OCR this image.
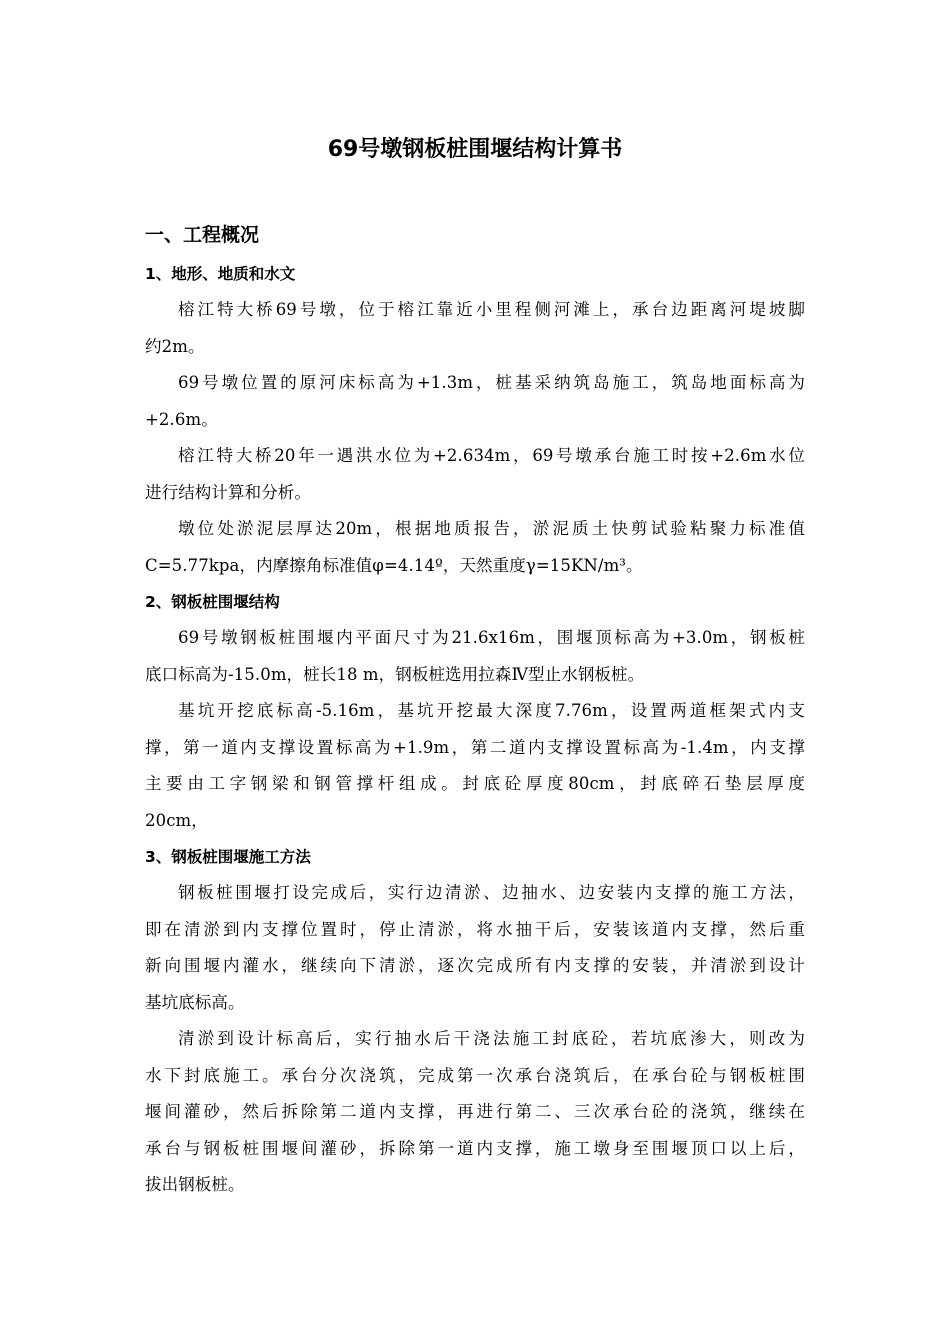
69号墩钢板桩围堰结构计算书
一、工程概况
1、地形、地质和水文

榕江特大桥69号墩，位于榕江靠近小里程侧河滩上，承台边距离河堤坡脚
约2m。

69号墩位置的原河床标高为+1.3m，桩基采纳筑岛施工，筑岛地面标高为
+2.6m。

榕江特大桥20年一遇洪水位为+2.634m，69号墩承台施工时按+2.6m水位
进行结构计算和分析。

墩位处淤泥层厚达20m，根据地质报告，淤泥质土快剪试验粘聚力标准值
C=5.77kpa，内摩擦角标准值φ=4.14º，天然重度γ=15KN/m³。

2、钢板桩围堰结构

69号墩钢板桩围堰内平面尺寸为21.6x16m，围堰顶标高为+3.0m，钢板桩
底口标高为-15.0m，桩长18 m，钢板桩选用拉森Ⅳ型止水钢板桩。

基坑开挖底标高-5.16m，基坑开挖最大深度7.76m，设置两道框架式内支
撑，第一道内支撑设置标高为+1.9m，第二道内支撑设置标高为-1.4m，内支撑
主要由工字钢梁和钢管撑杆组成。封底砼厚度80cm，封底碎石垫层厚度
20cm，

3、钢板桩围堰施工方法

钢板桩围堰打设完成后，实行边清淤、边抽水、边安装内支撑的施工方法，
即在清淤到内支撑位置时，停止清淤，将水抽干后，安装该道内支撑，然后重
新向围堰内灌水，继续向下清淤，逐次完成所有内支撑的安装，并清淤到设计
基坑底标高。

清淤到设计标高后，实行抽水后干浇法施工封底砼，若坑底渗大，则改为
水下封底施工。承台分次浇筑，完成第一次承台浇筑后，在承台砼与钢板桩围
堰间灌砂，然后拆除第二道内支撑，再进行第二、三次承台砼的浇筑，继续在
承台与钢板桩围堰间灌砂，拆除第一道内支撑，施工墩身至围堰顶口以上后，
拔出钢板桩。
